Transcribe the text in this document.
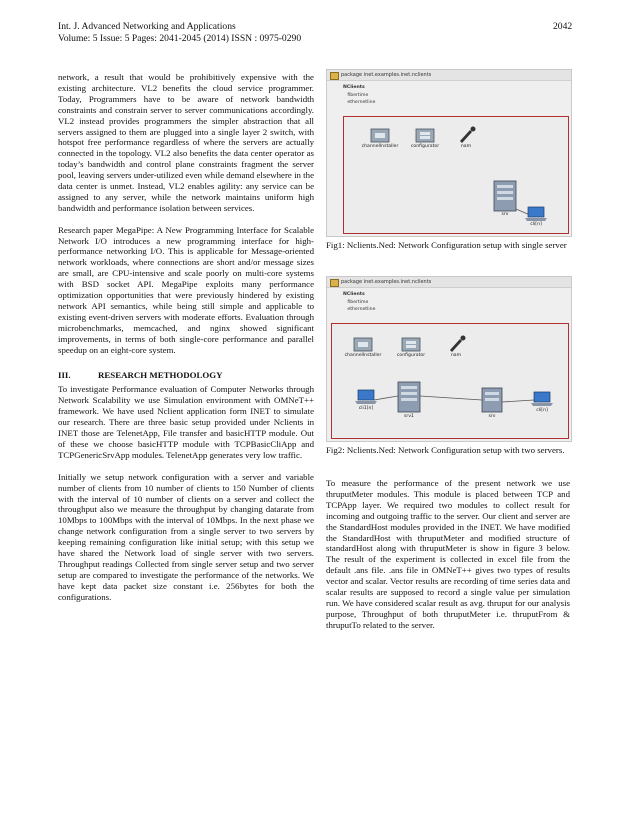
Int. J. Advanced Networking and Applications	2042
Volume: 5 Issue: 5 Pages: 2041-2045 (2014) ISSN : 0975-0290

network, a result that would be prohibitively expensive with the existing architecture. VL2 benefits the cloud service programmer. Today, Programmers have to be aware of network bandwidth constraints and constrain server to server communications accordingly. VL2 instead provides programmers the simpler abstraction that all servers assigned to them are plugged into a single layer 2 switch, with hotspot free performance regardless of where the servers are actually connected in the topology. VL2 also benefits the data center operator as today’s bandwidth and control plane constraints fragment the server pool, leaving servers under-utilized even while demand elsewhere in the data center is unmet. Instead, VL2 enables agility: any service can be assigned to any server, while the network maintains uniform high bandwidth and performance isolation between services.

Research paper MegaPipe: A New Programming Interface for Scalable Network I/O introduces a new programming interface for high-performance networking I/O. This is applicable for Message-oriented network workloads, where connections are short and/or message sizes are small, are CPU-intensive and scale poorly on multi-core systems with BSD socket API. MegaPipe exploits many performance optimization opportunities that were previously hindered by existing network API semantics, while being still simple and applicable to existing event-driven servers with moderate efforts. Evaluation through microbenchmarks, memcached, and nginx showed significant improvements, in terms of both single-core performance and parallel speedup on an eight-core system.

III.	RESEARCH METHODOLOGY

To investigate Performance evaluation of Computer Networks through Network Scalability we use Simulation environment with OMNeT++ framework. We have used Nclient application form INET to simulate our research. There are three basic setup provided under Nclients in INET those are TelenetApp, File transfer and basicHTTP module. Out of these we choose basicHTTP module with TCPBasicCliApp and TCPGenericSrvApp modules. TelenetApp generates very low traffic.

Initially we setup network configuration with a server and variable number of clients from 10 number of clients to 150 Number of clients with the interval of 10 number of clients on a server and collect the throughput also we measure the throughput by changing datarate from 10Mbps to 100Mbps with the interval of 10Mbps. In the next phase we change network configuration from a single server to two servers by keeping remaining configuration like initial setup; with this setup we have shared the Network load of single server with two servers. Throughput readings Collected from single server setup and two server setup are compared to investigate the performance of the networks. We have kept data packet size constant i.e. 256bytes for both the configurations.

package inet.examples.inet.nclients
NClients
fibertime
ethernetline
channelInstaller	configurator	nam
srv
cli[n]
Fig1: Nclients.Ned: Network Configuration setup with single server
package inet.examples.inet.nclients
NClients
fibertime
ethernetline
channelInstaller	configurator	nam
cli1[n]
srv1	srv
cli[n]
Fig2: Nclients.Ned: Network Configuration setup with two servers.

To measure the performance of the present network we use thruputMeter modules. This module is placed between TCP and TCPApp layer. We required two modules to collect result for incoming and outgoing traffic to the server. Our client and server are the StandardHost modules provided in the INET. We have modified the StandardHost with thruputMeter and modified structure of standardHost along with thruputMeter is show in figure 3 below. The result of the experiment is collected in excel file from the default .ans file. .ans file in OMNeT++ gives two types of results vector and scalar. Vector results are recording of time series data and scalar results are supposed to record a single value per simulation run. We have considered scalar result as avg. thruput for our analysis purpose, Throughput of both thruputMeter i.e. thruputFrom & thruputTo related to the server.
